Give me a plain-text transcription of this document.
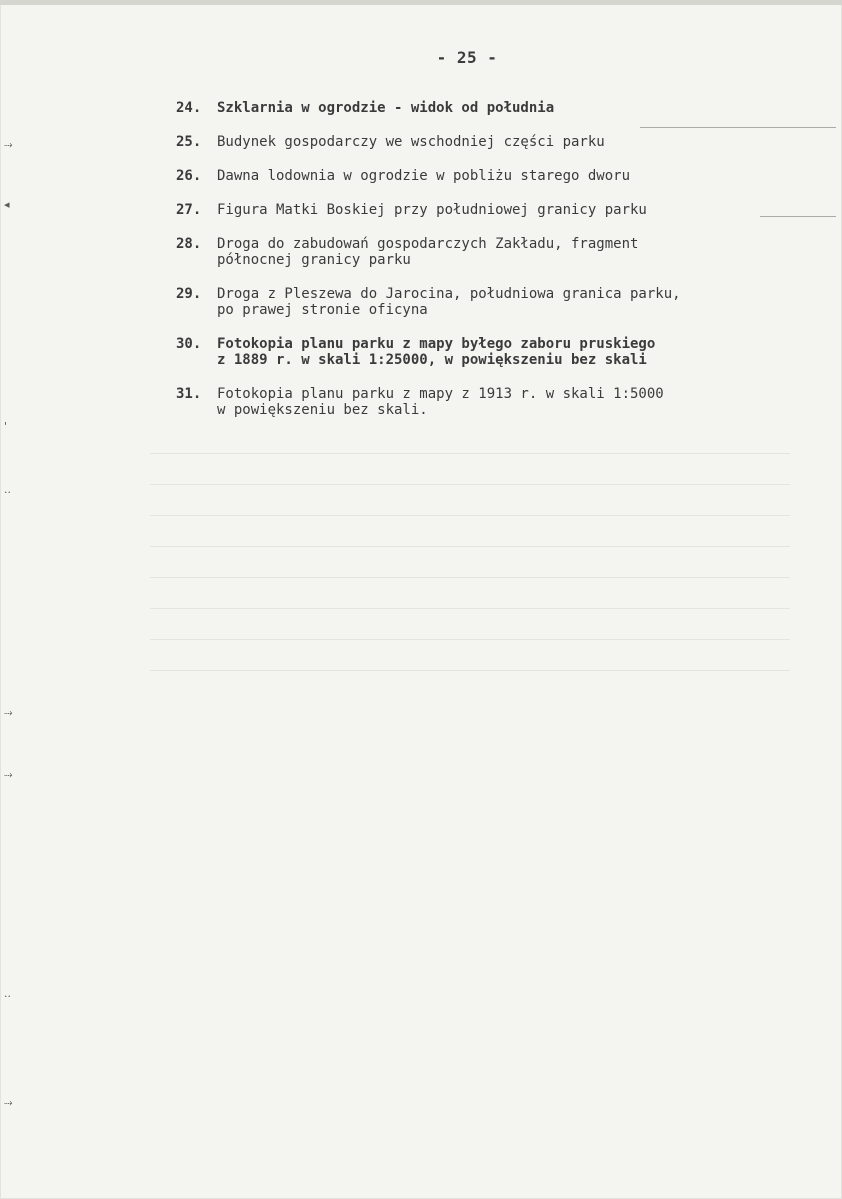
- 25 -
⤑
◂
'
··
⤑
⤑
··
⤑
24.	Szklarnia w ogrodzie - widok od południa
25.	Budynek gospodarczy we wschodniej części parku
26.	Dawna lodownia w ogrodzie w pobliżu starego dworu
27.	Figura Matki Boskiej przy południowej granicy parku
28.	Droga do zabudowań gospodarczych Zakładu, fragment
północnej granicy parku
29.	Droga z Pleszewa do Jarocina, południowa granica parku,
po prawej stronie oficyna
30.	Fotokopia planu parku z mapy byłego zaboru pruskiego
z 1889 r. w skali 1:25000, w powiększeniu bez skali
31.	Fotokopia planu parku z mapy z 1913 r. w skali 1:5000
w powiększeniu bez skali.
